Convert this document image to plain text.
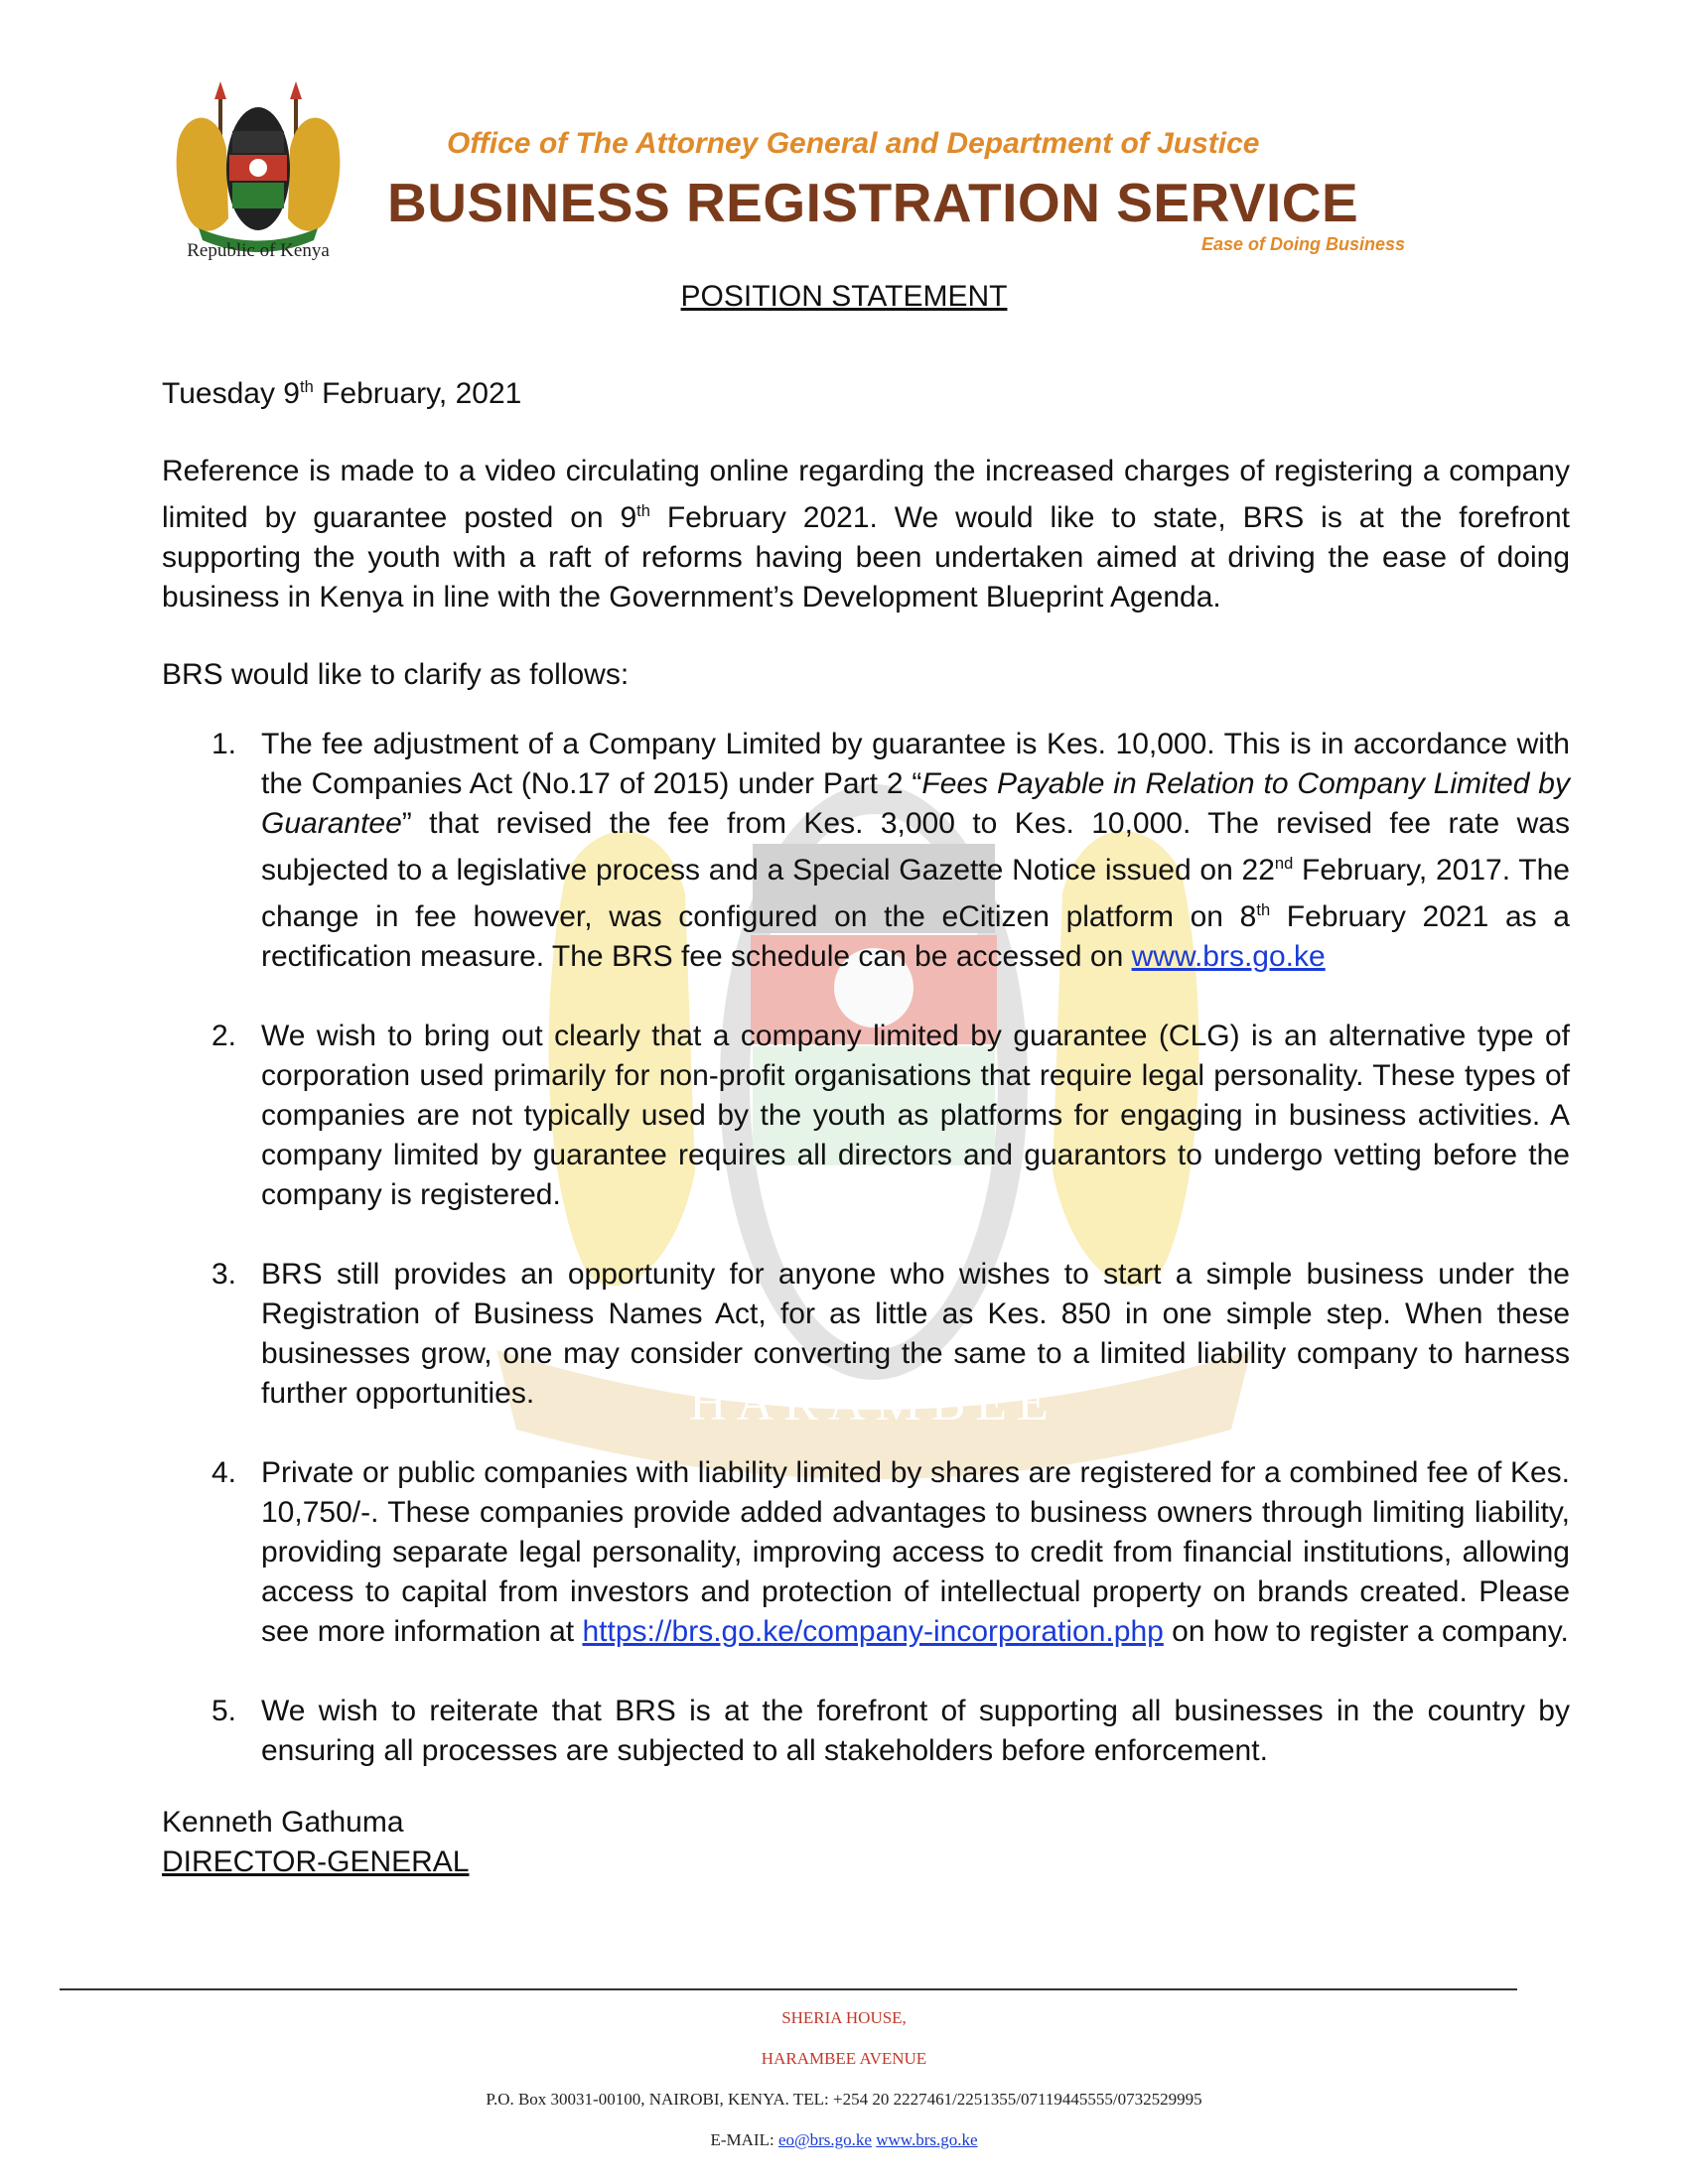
HARAMBEE
Republic of Kenya
Office of The Attorney General and Department of Justice
BUSINESS REGISTRATION SERVICE
Ease of Doing Business
POSITION STATEMENT
Tuesday 9th February, 2021
Reference is made to a video circulating online regarding the increased charges of registering a company limited by guarantee posted on 9th February 2021. We would like to state, BRS is at the forefront supporting the youth with a raft of reforms having been undertaken aimed at driving the ease of doing business in Kenya in line with the Government’s Development Blueprint Agenda.
BRS would like to clarify as follows:
1. The fee adjustment of a Company Limited by guarantee is Kes. 10,000. This is in accordance with the Companies Act (No.17 of 2015) under Part 2 “Fees Payable in Relation to Company Limited by Guarantee” that revised the fee from Kes. 3,000 to Kes. 10,000. The revised fee rate was subjected to a legislative process and a Special Gazette Notice issued on 22nd February, 2017. The change in fee however, was configured on the eCitizen platform on 8th February 2021 as a rectification measure. The BRS fee schedule can be accessed on www.brs.go.ke
2. We wish to bring out clearly that a company limited by guarantee (CLG) is an alternative type of corporation used primarily for non-profit organisations that require legal personality. These types of companies are not typically used by the youth as platforms for engaging in business activities. A company limited by guarantee requires all directors and guarantors to undergo vetting before the company is registered.
3. BRS still provides an opportunity for anyone who wishes to start a simple business under the Registration of Business Names Act, for as little as Kes. 850 in one simple step. When these businesses grow, one may consider converting the same to a limited liability company to harness further opportunities.
4. Private or public companies with liability limited by shares are registered for a combined fee of Kes. 10,750/-. These companies provide added advantages to business owners through limiting liability, providing separate legal personality, improving access to credit from financial institutions, allowing access to capital from investors and protection of intellectual property on brands created. Please see more information at https://brs.go.ke/company-incorporation.php on how to register a company.
5. We wish to reiterate that BRS is at the forefront of supporting all businesses in the country by ensuring all processes are subjected to all stakeholders before enforcement.
Kenneth Gathuma
DIRECTOR-GENERAL
SHERIA HOUSE,
HARAMBEE AVENUE
P.O. Box 30031-00100, NAIROBI, KENYA. TEL: +254 20 2227461/2251355/07119445555/0732529995
E-MAIL: eo@brs.go.ke www.brs.go.ke
